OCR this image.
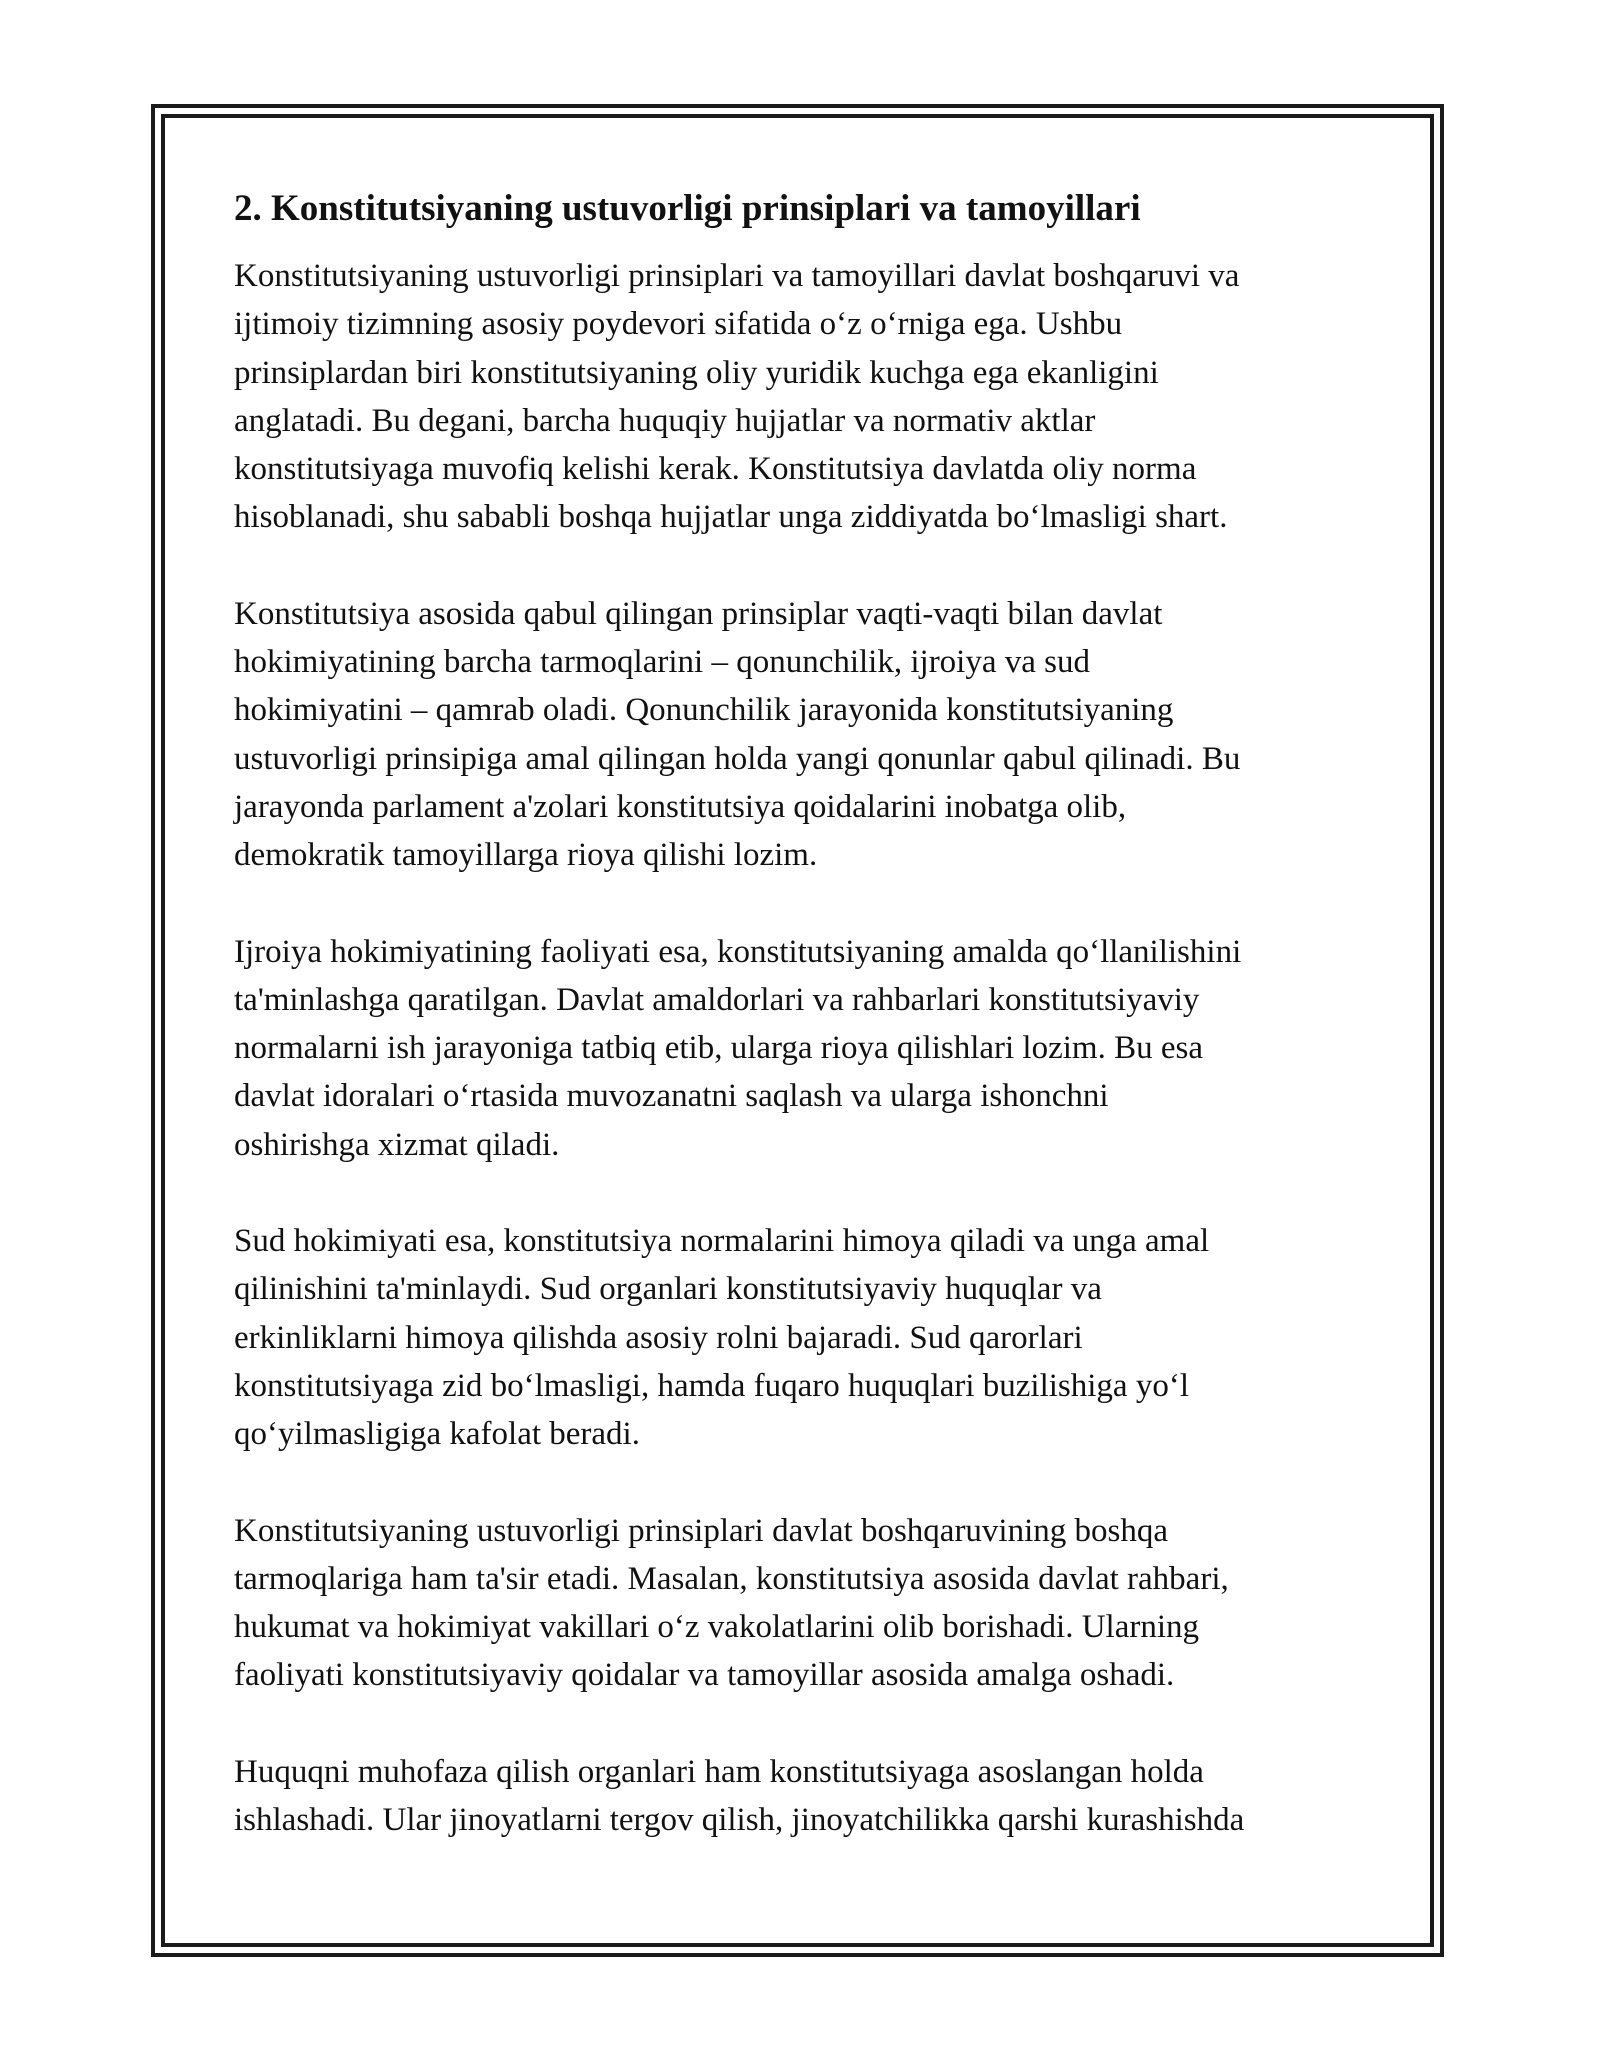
2. Konstitutsiyaning ustuvorligi prinsiplari va tamoyillari
Konstitutsiyaning ustuvorligi prinsiplari va tamoyillari davlat boshqaruvi va
ijtimoiy tizimning asosiy poydevori sifatida o‘z o‘rniga ega. Ushbu
prinsiplardan biri konstitutsiyaning oliy yuridik kuchga ega ekanligini
anglatadi. Bu degani, barcha huquqiy hujjatlar va normativ aktlar
konstitutsiyaga muvofiq kelishi kerak. Konstitutsiya davlatda oliy norma
hisoblanadi, shu sababli boshqa hujjatlar unga ziddiyatda bo‘lmasligi shart.
Konstitutsiya asosida qabul qilingan prinsiplar vaqti-vaqti bilan davlat
hokimiyatining barcha tarmoqlarini – qonunchilik, ijroiya va sud
hokimiyatini – qamrab oladi. Qonunchilik jarayonida konstitutsiyaning
ustuvorligi prinsipiga amal qilingan holda yangi qonunlar qabul qilinadi. Bu
jarayonda parlament a'zolari konstitutsiya qoidalarini inobatga olib,
demokratik tamoyillarga rioya qilishi lozim.
Ijroiya hokimiyatining faoliyati esa, konstitutsiyaning amalda qo‘llanilishini
ta'minlashga qaratilgan. Davlat amaldorlari va rahbarlari konstitutsiyaviy
normalarni ish jarayoniga tatbiq etib, ularga rioya qilishlari lozim. Bu esa
davlat idoralari o‘rtasida muvozanatni saqlash va ularga ishonchni
oshirishga xizmat qiladi.
Sud hokimiyati esa, konstitutsiya normalarini himoya qiladi va unga amal
qilinishini ta'minlaydi. Sud organlari konstitutsiyaviy huquqlar va
erkinliklarni himoya qilishda asosiy rolni bajaradi. Sud qarorlari
konstitutsiyaga zid bo‘lmasligi, hamda fuqaro huquqlari buzilishiga yo‘l
qo‘yilmasligiga kafolat beradi.
Konstitutsiyaning ustuvorligi prinsiplari davlat boshqaruvining boshqa
tarmoqlariga ham ta'sir etadi. Masalan, konstitutsiya asosida davlat rahbari,
hukumat va hokimiyat vakillari o‘z vakolatlarini olib borishadi. Ularning
faoliyati konstitutsiyaviy qoidalar va tamoyillar asosida amalga oshadi.
Huquqni muhofaza qilish organlari ham konstitutsiyaga asoslangan holda
ishlashadi. Ular jinoyatlarni tergov qilish, jinoyatchilikka qarshi kurashishda
